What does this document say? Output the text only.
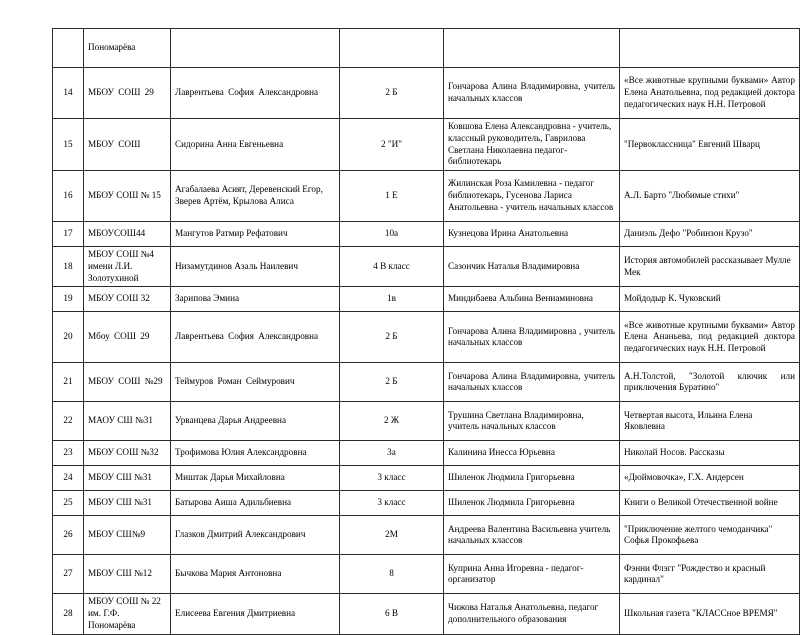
	Пономарёва				
14	МБОУ СОШ 29	Лаврентьева София Александровна	2 Б	Гончарова Алина Владимировна, учитель начальных классов	«Все животные крупными буквами» Автор Елена Анатольевна, под редакцией доктора педагогических наук Н.Н. Петровой
15	МБОУ СОШ	Сидорина Анна Евгеньевна	2 "И"	Ковшова Елена Александровна - учитель, классный руководитель, Гаврилова Светлана Николаевна педагог-библиотекарь	"Первоклассница" Евгений Шварц
16	МБОУ СОШ № 15	Агабалаева Асият, Деревенский Егор, Зверев Артём, Крылова Алиса	1 Е	Жилинская Роза Камилевна - педагог библиотекарь, Гусенова Лариса Анатольевна - учитель начальных классов	А.Л. Барто "Любимые стихи"
17	МБОУСОШ44	Мангутов Ратмир Рефатович	10а	Кузнецова Ирина Анатольевна	Даниэль Дефо "Робинзон Крузо"
18	МБОУ СОШ №4 имени Л.И. Золотухиной	Низамутдинов Азаль Наилевич	4 В класс	Сазончик Наталья Владимировна	История автомобилей рассказывает Мулле Мек
19	МБОУ СОШ 32	Зарипова Эмина	1в	Миндибаева Альбина Вениаминовна	Мойдодыр К. Чуковский
20	Мбоу СОШ 29	Лаврентьева София Александровна	2 Б	Гончарова Алина Владимировна , учитель начальных классов	«Все животные крупными буквами» Автор Елена Ананьева, под редакцией доктора педагогических наук Н.Н. Петровой
21	МБОУ СОШ №29	Теймуров Роман Сеймурович	2 Б	Гончарова Алина Владимировна, учитель начальных классов	А.Н.Толстой, "Золотой ключик или приключения Буратино"
22	МАОУ СШ №31	Урванцева Дарья Андреевна	2 Ж	Трушина Светлана Владимировна, учитель начальных классов	Четвертая высота, Ильина Елена Яковлевна
23	МБОУ СОШ №32	Трофимова Юлия Александровна	3а	Калинина Инесса Юрьевна	Николай Носов. Рассказы
24	МБОУ СШ №31	Миштак Дарья Михайловна	3 класс	Шиленок Людмила Григорьевна	«Дюймовочка», Г.Х. Андерсен
25	МБОУ СШ №31	Батырова Аиша Адильбиевна	3 класс	Шиленок Людмила Григорьевна	Книги о Великой Отечественной войне
26	МБОУ СШ№9	Глазков Дмитрий Александрович	2М	Андреева Валентина Васильевна учитель начальных классов	"Приключение желтого чемоданчика" Софья Прокофьева
27	МБОУ СШ №12	Бычкова Мария Антоновна	8	Куприна Анна Игоревна - педагог-организатор	Фэнни Флэгг "Рождество и красный кардинал"
28	МБОУ СОШ № 22 им. Г.Ф. Пономарёва	Елисеева Евгения Дмитриевна	6 В	Чижова Наталья Анатольевна, педагог дополнительного образования	Школьная газета "КЛАССное ВРЕМЯ"
